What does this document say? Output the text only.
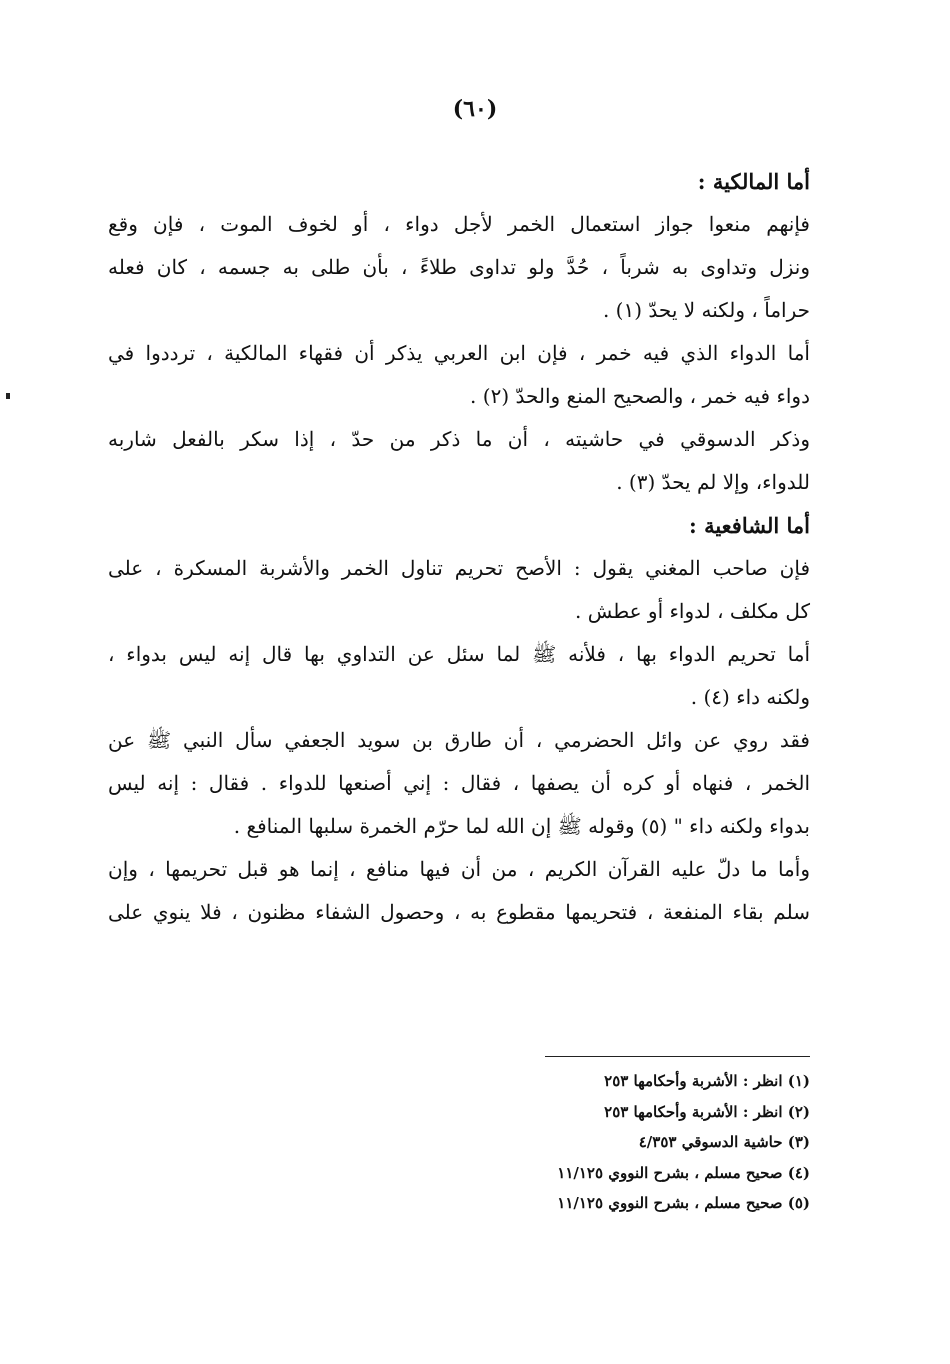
(٦٠)

أما المالكية :

فإنهم منعوا جواز استعمال الخمر لأجل دواء ، أو لخوف الموت ، فإن وقع
ونزل وتداوى به شرباً ، حُدَّ ولو تداوى طلاءً ، بأن طلى به جسمه ، كان فعله
حراماً ، ولكنه لا يحدّ (١) .

أما الدواء الذي فيه خمر ، فإن ابن العربي يذكر أن فقهاء المالكية ، ترددوا في
دواء فيه خمر ، والصحيح المنع والحدّ (٢) .

وذكر الدسوقي في حاشيته ، أن ما ذكر من حدّ ، إذا سكر بالفعل شاربه
للدواء، وإلا لم يحدّ (٣) .

أما الشافعية :

فإن صاحب المغني يقول : الأصح تحريم تناول الخمر والأشربة المسكرة ، على
كل مكلف ، لدواء أو عطش .

أما تحريم الدواء بها ، فلأنه ﷺ لما سئل عن التداوي بها قال إنه ليس بدواء ،
ولكنه داء (٤) .

فقد روي عن وائل الحضرمي ، أن طارق بن سويد الجعفي سأل النبي ﷺ عن
الخمر ، فنهاه أو كره أن يصفها ، فقال : إني أصنعها للدواء . فقال : إنه ليس
بدواء ولكنه داء " (٥) وقوله ﷺ إن الله لما حرّم الخمرة سلبها المنافع .

وأما ما دلّ عليه القرآن الكريم ، من أن فيها منافع ، إنما هو قبل تحريمها ، وإن
سلم بقاء المنفعة ، فتحريمها مقطوع به ، وحصول الشفاء مظنون ، فلا ينوي على

(١) انظر : الأشربة وأحكامها ٢٥٣
(٢) انظر : الأشربة وأحكامها ٢٥٣
(٣) حاشية الدسوقي ٤/٣٥٣
(٤) صحيح مسلم ، بشرح النووي ١١/١٢٥
(٥) صحيح مسلم ، بشرح النووي ١١/١٢٥
